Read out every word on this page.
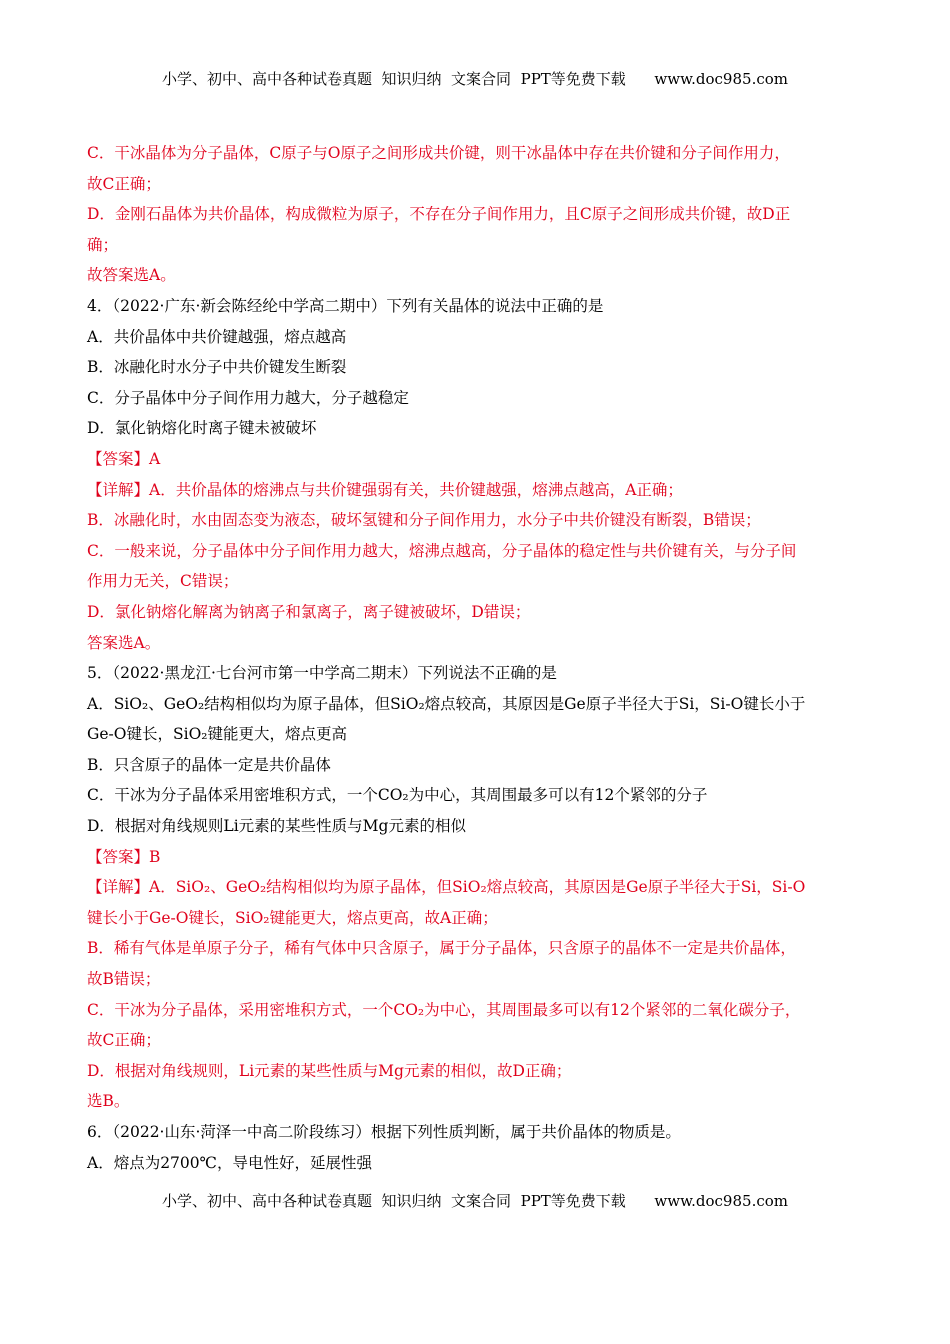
小学、初中、高中各种试卷真题  知识归纳  文案合同  PPT等免费下载      www.doc985.com
C．干冰晶体为分子晶体，C原子与O原子之间形成共价键，则干冰晶体中存在共价键和分子间作用力，
故C正确；
D．金刚石晶体为共价晶体，构成微粒为原子，不存在分子间作用力，且C原子之间形成共价键，故D正
确；
故答案选A。
4．（2022·广东·新会陈经纶中学高二期中）下列有关晶体的说法中正确的是
A．共价晶体中共价键越强，熔点越高
B．冰融化时水分子中共价键发生断裂
C．分子晶体中分子间作用力越大，分子越稳定
D．氯化钠熔化时离子键未被破坏
【答案】A
【详解】A．共价晶体的熔沸点与共价键强弱有关，共价键越强，熔沸点越高，A正确；
B．冰融化时，水由固态变为液态，破坏氢键和分子间作用力，水分子中共价键没有断裂，B错误；
C．一般来说，分子晶体中分子间作用力越大，熔沸点越高，分子晶体的稳定性与共价键有关，与分子间
作用力无关，C错误；
D．氯化钠熔化解离为钠离子和氯离子，离子键被破坏，D错误；
答案选A。
5．（2022·黑龙江·七台河市第一中学高二期末）下列说法不正确的是
A．SiO₂、GeO₂结构相似均为原子晶体，但SiO₂熔点较高，其原因是Ge原子半径大于Si，Si-O键长小于
Ge-O键长，SiO₂键能更大，熔点更高
B．只含原子的晶体一定是共价晶体
C．干冰为分子晶体采用密堆积方式，一个CO₂为中心，其周围最多可以有12个紧邻的分子
D．根据对角线规则Li元素的某些性质与Mg元素的相似
【答案】B
【详解】A．SiO₂、GeO₂结构相似均为原子晶体，但SiO₂熔点较高，其原因是Ge原子半径大于Si，Si-O
键长小于Ge-O键长，SiO₂键能更大，熔点更高，故A正确；
B．稀有气体是单原子分子，稀有气体中只含原子，属于分子晶体，只含原子的晶体不一定是共价晶体，
故B错误；
C．干冰为分子晶体，采用密堆积方式，一个CO₂为中心，其周围最多可以有12个紧邻的二氧化碳分子，
故C正确；
D．根据对角线规则，Li元素的某些性质与Mg元素的相似，故D正确；
选B。
6．（2022·山东·菏泽一中高二阶段练习）根据下列性质判断，属于共价晶体的物质是。
A．熔点为2700℃，导电性好，延展性强
小学、初中、高中各种试卷真题  知识归纳  文案合同  PPT等免费下载      www.doc985.com
